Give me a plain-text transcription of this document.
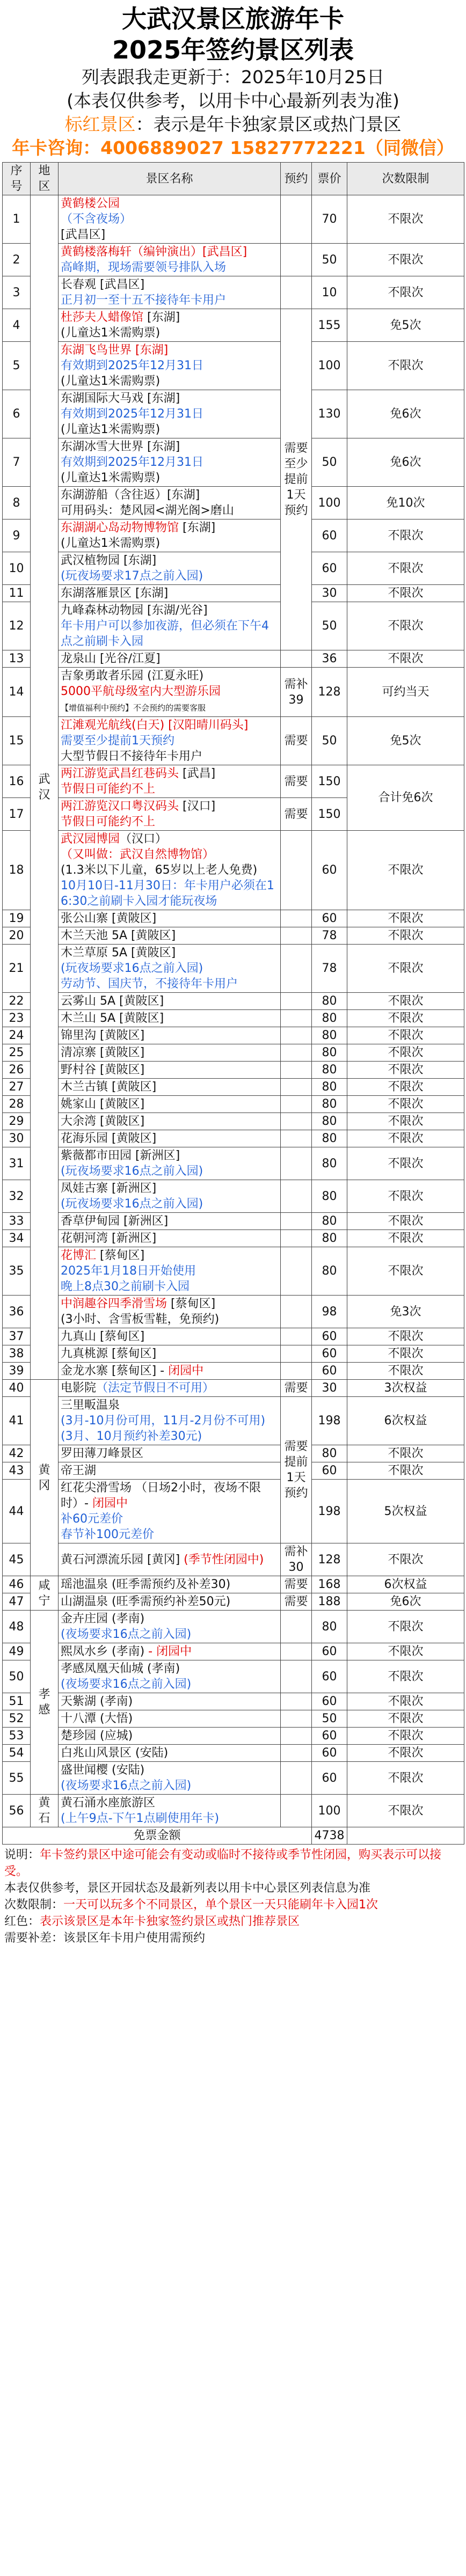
大武汉景区旅游年卡
2025年签约景区列表
列表跟我走更新于：2025年10月25日
(本表仅供参考，以用卡中心最新列表为准)
标红景区：表示是年卡独家景区或热门景区
年卡咨询：4006889027 15827772221（同微信）
序号	地区	景区名称	预约	票价	次数限制
1	武汉	黄鹤楼公园
（不含夜场）
[武昌区]		70	不限次
2		黄鹤楼落梅轩（编钟演出）[武昌区]
高峰期，现场需要领号排队入场		50	不限次
3		长春观 [武昌区]
正月初一至十五不接待年卡用户		10	不限次
4		杜莎夫人蜡像馆 [东湖]
(儿童达1米需购票)	需要至少提前1天预约	155	免5次
5		东湖飞鸟世界 [东湖]
有效期到2025年12月31日
(儿童达1米需购票)		100	不限次
6		东湖国际大马戏 [东湖]
有效期到2025年12月31日
(儿童达1米需购票)		130	免6次
7		东湖冰雪大世界 [东湖]
有效期到2025年12月31日
(儿童达1米需购票)		50	免6次
8		东湖游船（含往返）[东湖]
可用码头：楚风园<湖光阁>磨山		100	免10次
9		东湖湖心岛动物博物馆 [东湖]
(儿童达1米需购票)		60	不限次
10		武汉植物园 [东湖]
(玩夜场要求17点之前入园)		60	不限次
11		东湖落雁景区 [东湖]		30	不限次
12		九峰森林动物园 [东湖/光谷]
年卡用户可以参加夜游，但必须在下午4点之前刷卡入园		50	不限次
13		龙泉山 [光谷/江夏]		36	不限次
14		吉象勇敢者乐园 (江夏永旺)
5000平航母级室内大型游乐园
【增值福利中预约】不会预约的需要客服	需补39	128	可约当天
15		江滩观光航线(白天) [汉阳晴川码头]
需要至少提前1天预约
大型节假日不接待年卡用户	需要	50	免5次
16		两江游览武昌红巷码头 [武昌]
节假日可能约不上	需要	150	合计免6次
17		两江游览汉口粤汉码头 [汉口]
节假日可能约不上	需要	150	
18		武汉园博园（汉口）
（又叫做：武汉自然博物馆）
(1.3米以下儿童，65岁以上老人免费)
10月10日-11月30日：年卡用户必须在16:30之前刷卡入园才能玩夜场		60	不限次
19		张公山寨 [黄陂区]		60	不限次
20		木兰天池 5A [黄陂区]		78	不限次
21		木兰草原 5A [黄陂区]
(玩夜场要求16点之前入园)
劳动节、国庆节，不接待年卡用户		78	不限次
22		云雾山 5A [黄陂区]		80	不限次
23		木兰山 5A [黄陂区]		80	不限次
24		锦里沟 [黄陂区]		80	不限次
25		清凉寨 [黄陂区]		80	不限次
26		野村谷 [黄陂区]		80	不限次
27		木兰古镇 [黄陂区]		80	不限次
28		姚家山 [黄陂区]		80	不限次
29		大余湾 [黄陂区]		80	不限次
30		花海乐园 [黄陂区]		80	不限次
31		紫薇都市田园 [新洲区]
(玩夜场要求16点之前入园)		80	不限次
32		凤娃古寨 [新洲区]
(玩夜场要求16点之前入园)		80	不限次
33		香草伊甸园 [新洲区]		80	不限次
34		花朝河湾 [新洲区]		80	不限次
35		花博汇 [蔡甸区]
2025年1月18日开始使用
晚上8点30之前刷卡入园		80	不限次
36		中润趣谷四季滑雪场 [蔡甸区]
(3小时、含雪板雪鞋，免预约)		98	免3次
37		九真山 [蔡甸区]		60	不限次
38		九真桃源 [蔡甸区]		60	不限次
39		金龙水寨 [蔡甸区] - 闭园中		60	不限次
40	黄冈	电影院（法定节假日不可用）	需要	30	3次权益
41		三里畈温泉
(3月-10月份可用，11月-2月份不可用) (3月、10月预约补差30元)	需要提前1天预约	198	6次权益
42		罗田薄刀峰景区		80	不限次
43		帝王湖		60	不限次
44		红花尖滑雪场 （日场2小时，夜场不限时）- 闭园中
补60元差价
春节补100元差价		198	5次权益
45		黄石河漂流乐园 [黄冈] (季节性闭园中)	需补30	128	不限次
46	咸宁	瑶池温泉 (旺季需预约及补差30)	需要	168	6次权益
47		山湖温泉 (旺季需预约补差50元)	需要	188	免6次
48	孝感	金卉庄园 (孝南)
(夜场要求16点之前入园)		80	不限次
49		熙凤水乡 (孝南) - 闭园中		60	不限次
50		孝感凤凰天仙城 (孝南)
(夜场要求16点之前入园)		60	不限次
51		天紫湖 (孝南)		60	不限次
52		十八潭 (大悟)		50	不限次
53		楚珍园 (应城)		60	不限次
54		白兆山风景区 (安陆)		60	不限次
55		盛世闻樱 (安陆)
(夜场要求16点之前入园)		60	不限次
56	黄石	黄石涌水座旅游区
(上午9点-下午1点刷使用年卡)		100	不限次
免票金额				4738	
说明：年卡签约景区中途可能会有变动或临时不接待或季节性闭园，购买表示可以接受。
本表仅供参考，景区开园状态及最新列表以用卡中心景区列表信息为准
次数限制：一天可以玩多个不同景区，单个景区一天只能刷年卡入园1次
红色：表示该景区是本年卡独家签约景区或热门推荐景区
需要补差：该景区年卡用户使用需预约
